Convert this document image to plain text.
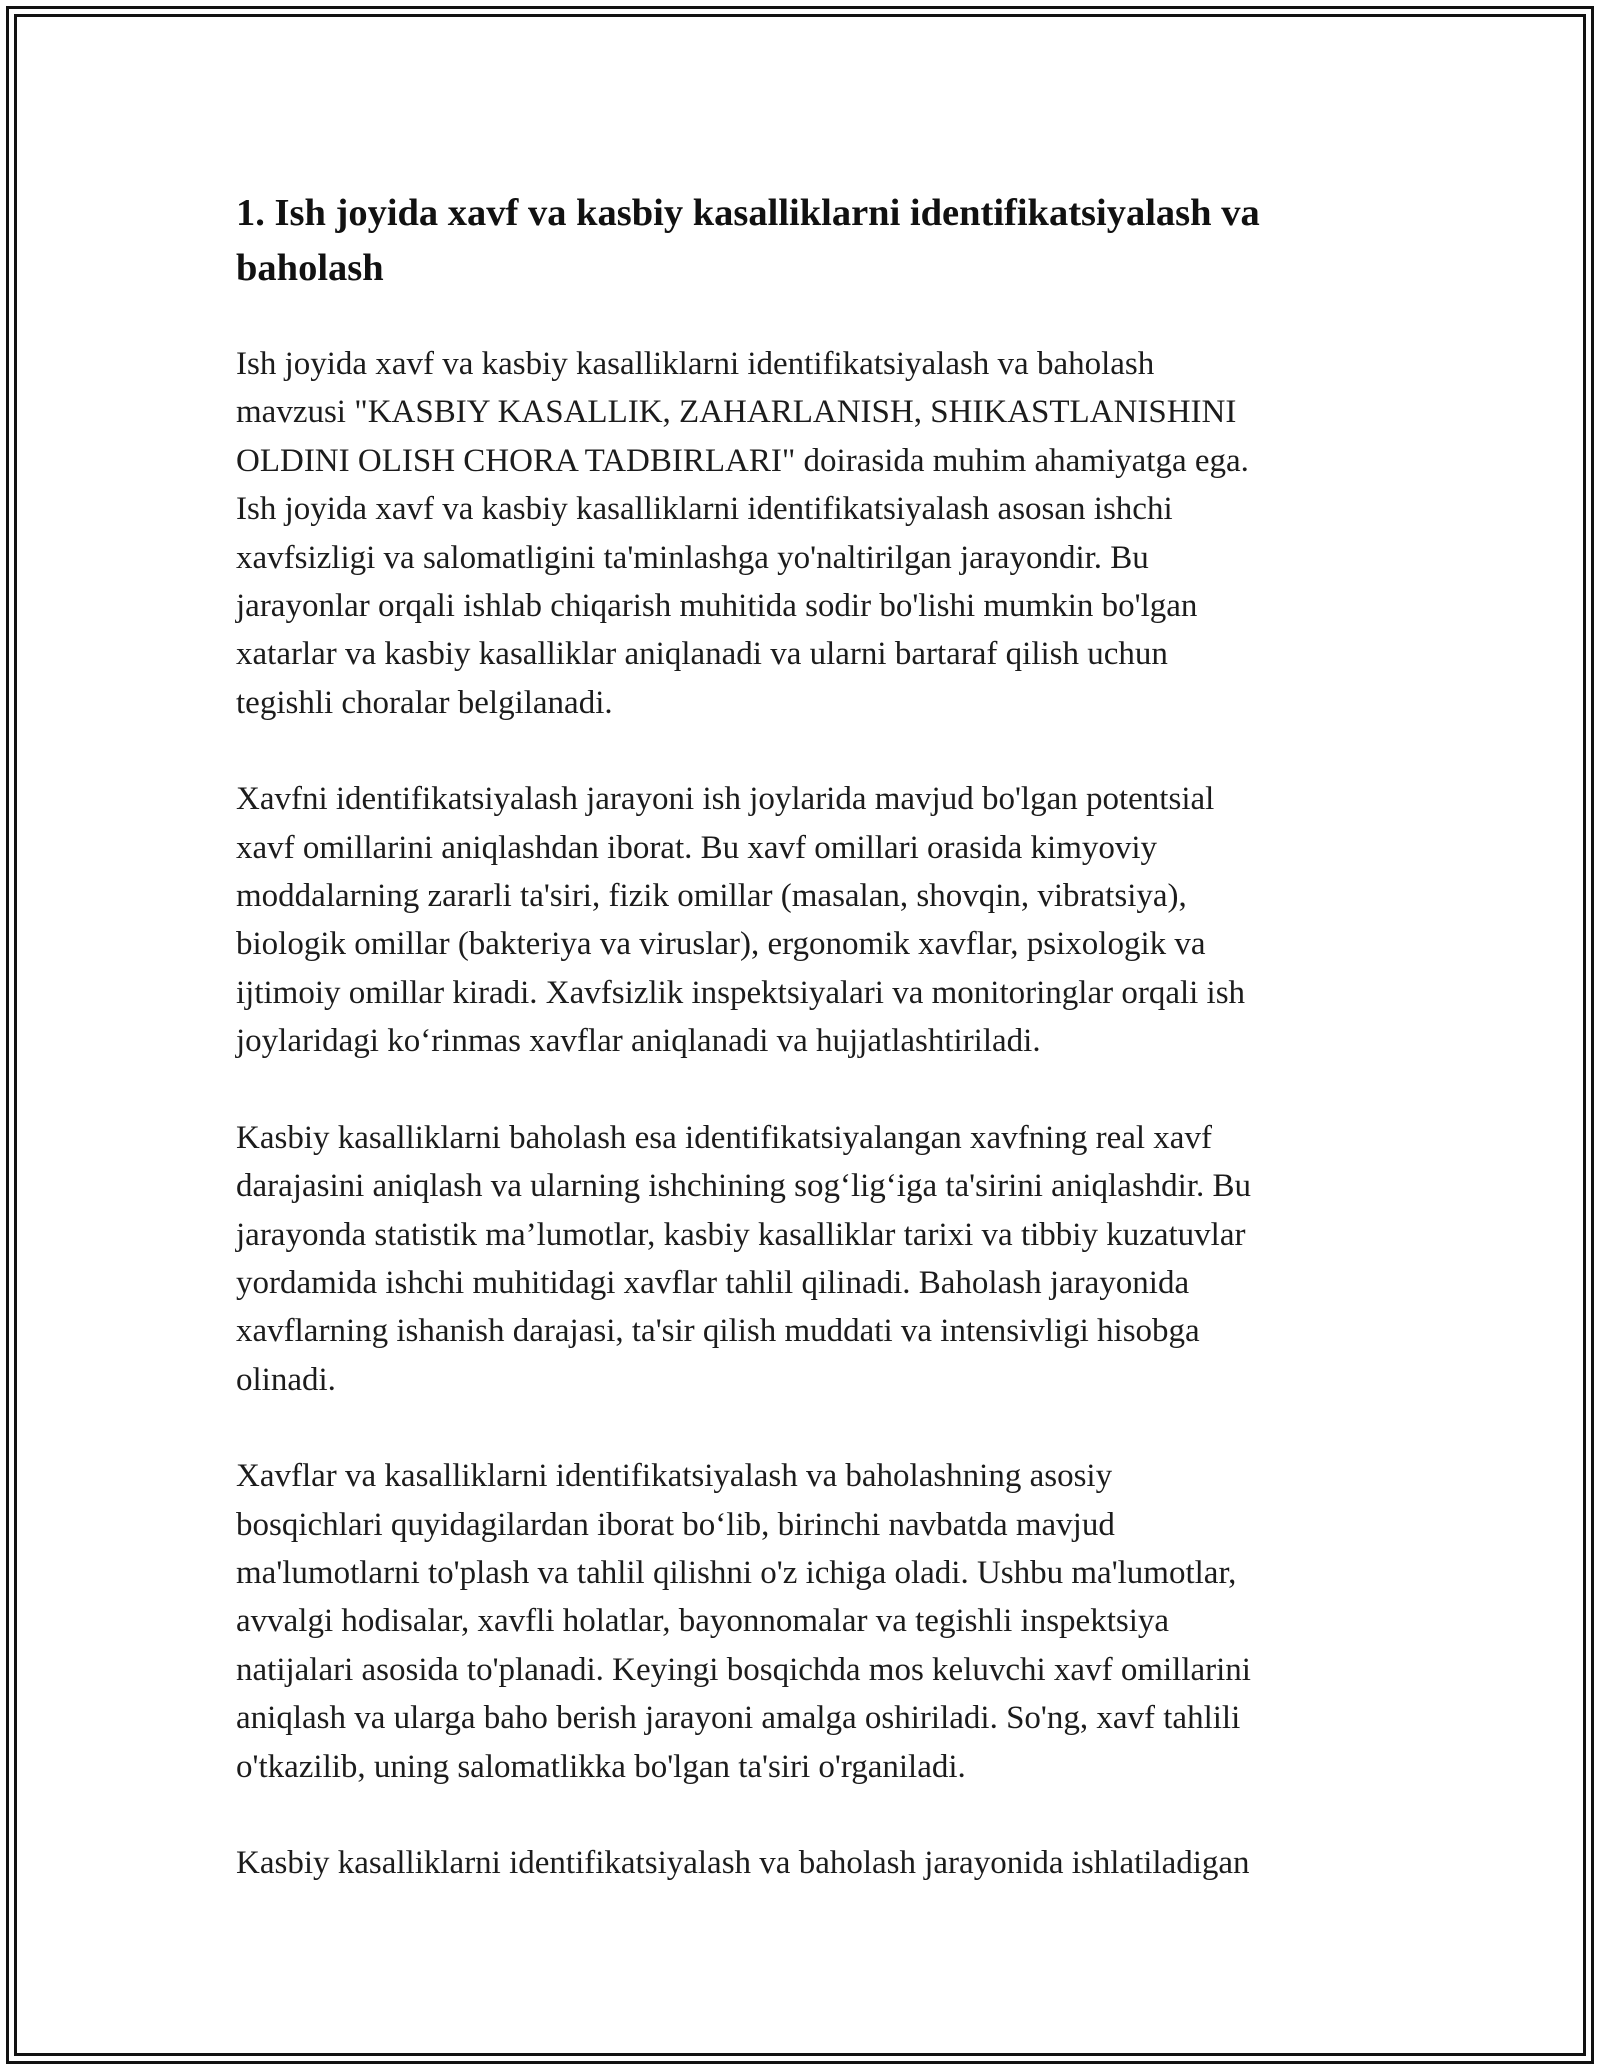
1. Ish joyida xavf va kasbiy kasalliklarni identifikatsiyalash va baholash
Ish joyida xavf va kasbiy kasalliklarni identifikatsiyalash va baholash
mavzusi "KASBIY KASALLIK, ZAHARLANISH, SHIKASTLANISHINI
OLDINI OLISH CHORA TADBIRLARI" doirasida muhim ahamiyatga ega.
Ish joyida xavf va kasbiy kasalliklarni identifikatsiyalash asosan ishchi
xavfsizligi va salomatligini ta'minlashga yo'naltirilgan jarayondir. Bu
jarayonlar orqali ishlab chiqarish muhitida sodir bo'lishi mumkin bo'lgan
xatarlar va kasbiy kasalliklar aniqlanadi va ularni bartaraf qilish uchun
tegishli choralar belgilanadi.
Xavfni identifikatsiyalash jarayoni ish joylarida mavjud bo'lgan potentsial
xavf omillarini aniqlashdan iborat. Bu xavf omillari orasida kimyoviy
moddalarning zararli ta'siri, fizik omillar (masalan, shovqin, vibratsiya),
biologik omillar (bakteriya va viruslar), ergonomik xavflar, psixologik va
ijtimoiy omillar kiradi. Xavfsizlik inspektsiyalari va monitoringlar orqali ish
joylaridagi ko‘rinmas xavflar aniqlanadi va hujjatlashtiriladi.
Kasbiy kasalliklarni baholash esa identifikatsiyalangan xavfning real xavf
darajasini aniqlash va ularning ishchining sog‘lig‘iga ta'sirini aniqlashdir. Bu
jarayonda statistik ma’lumotlar, kasbiy kasalliklar tarixi va tibbiy kuzatuvlar
yordamida ishchi muhitidagi xavflar tahlil qilinadi. Baholash jarayonida
xavflarning ishanish darajasi, ta'sir qilish muddati va intensivligi hisobga
olinadi.
Xavflar va kasalliklarni identifikatsiyalash va baholashning asosiy
bosqichlari quyidagilardan iborat bo‘lib, birinchi navbatda mavjud
ma'lumotlarni to'plash va tahlil qilishni o'z ichiga oladi. Ushbu ma'lumotlar,
avvalgi hodisalar, xavfli holatlar, bayonnomalar va tegishli inspektsiya
natijalari asosida to'planadi. Keyingi bosqichda mos keluvchi xavf omillarini
aniqlash va ularga baho berish jarayoni amalga oshiriladi. So'ng, xavf tahlili
o'tkazilib, uning salomatlikka bo'lgan ta'siri o'rganiladi.
Kasbiy kasalliklarni identifikatsiyalash va baholash jarayonida ishlatiladigan
